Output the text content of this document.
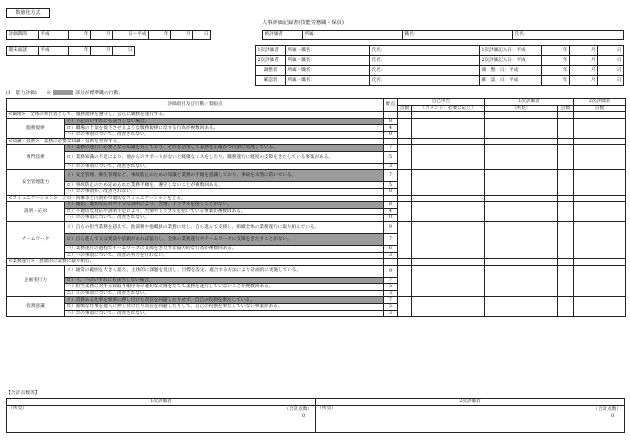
数値化方式
人事評価記録書(技能労務職・保員)
評価期間	平成	年	月	日～平成	年	月	日
期末面談	平成	年	月	日
被評価者	所属：	職名：	氏名：
1次評価者	所属・職名：	氏名：	1次評価記入日：平成	年	月	日
2次評価者	所属・職名：	氏名：	2次評価記入日：平成	年	月	日
調整者	所属・職名：	氏名：	調　整　日：平成	年	月	日
確認者	所属・職名：	氏名：	確　認　日：平成	年	月	日
(1　能力評価)　　※	部分が標準職の行動。
評価項目及び行動／着眼点		配点	自己申告		1次評価者		2次評価者
			点数	（コメント：必要に応じ）	（所見）	点数	点数
<倫理>　全体の奉仕者として、服務規律を遵守し、公正に職務を遂行する。							
服務規律	イ）下記のいずれにも該当しない場合。	8					
	ロ）職場の士気を低下させるような服務規律に反する行為が複数回ある。	4					
	ハ）ロの事項について、改善されない。	0					
<知識・技術>　業務に必要な知識・技術を習得する。							
専門技術	イ）業務の遂行に必要となる知識を有しており、それを活用して業務を正確かつ円滑に処理している。	7					
	ロ）業務知識の不足により、他からのサポートがないと軽微なミスをしたり、職務遂行に軽度の支障をきたしている事案がある。	5					
	ハ）ロの事項について、改善されない。	3					
安全管理能力	イ）安全管理、衛生管理など、事故防止のための知識と業務の手順を意識しており、事故を未然に防いでいる。	7					
	ロ）事故防止のため定められた業務手順を、遵守しないことが複数回ある。	5					
	ハ）ロの事項が、改善されない。	0					
<コミュニケーション>　上司・同僚等と円滑かつ適切なコミュニケーションをとる。							
説明・応対	イ）親切、適切な応対や十分な説明により、苦情、トラブルを招くことがない。	8					
	ロ）不適切な対応や説明不足により、苦情やトラブルを招いている事案が複数回ある。	4					
	ハ）ロの事項について、改善されない。	0					
チームワーク	イ）自らの担当業務を超えて、他部署や他職員の業務に対し、自ら進んで支援し、組織全体の業務遂行に取り組んでいる。	9					
	ロ）自ら進んで又は要請や依頼があれば協力し、全体の業務遂行やチームワークに支障をきたすことがない。	7					
	ハ）業務遂行の過程でチームワークに支障をきたす非協力的な行為が複数回ある。	6					
	ニ）ハの事項について、改善の努力を行わない。	3					
<業務遂行>　意欲的に業務に取り組む。							
企画実行力	イ）通常の範囲を大きく超え、主体的に課題を見出し、目標を設定、適合する方法により計画的に実施している。	9					
	ロ）イ、ハのいずれにも該当しない場合。	7					
	ハ）担当業務に対する段取り順序等の適切な計画をたてて業務を遂行していないことが複数回ある。	5					
	ニ）②の事項について、改善されない。	3					
役割意識	イ）責務ある仕事を無事に押し付けた責任を回避したりせず、自己の役割を果たしている。	7					
	ロ）面倒な仕事を他人に押し付けたり責任を回避したりして、自己の役割を果たしていない事案がある。	5					
	ハ）ロの事項について、改善されない。	3					
【合計点数等】
1次評価者	2次評価者
（所見） （合計点数）
0	（所見） （合計点数）
0
